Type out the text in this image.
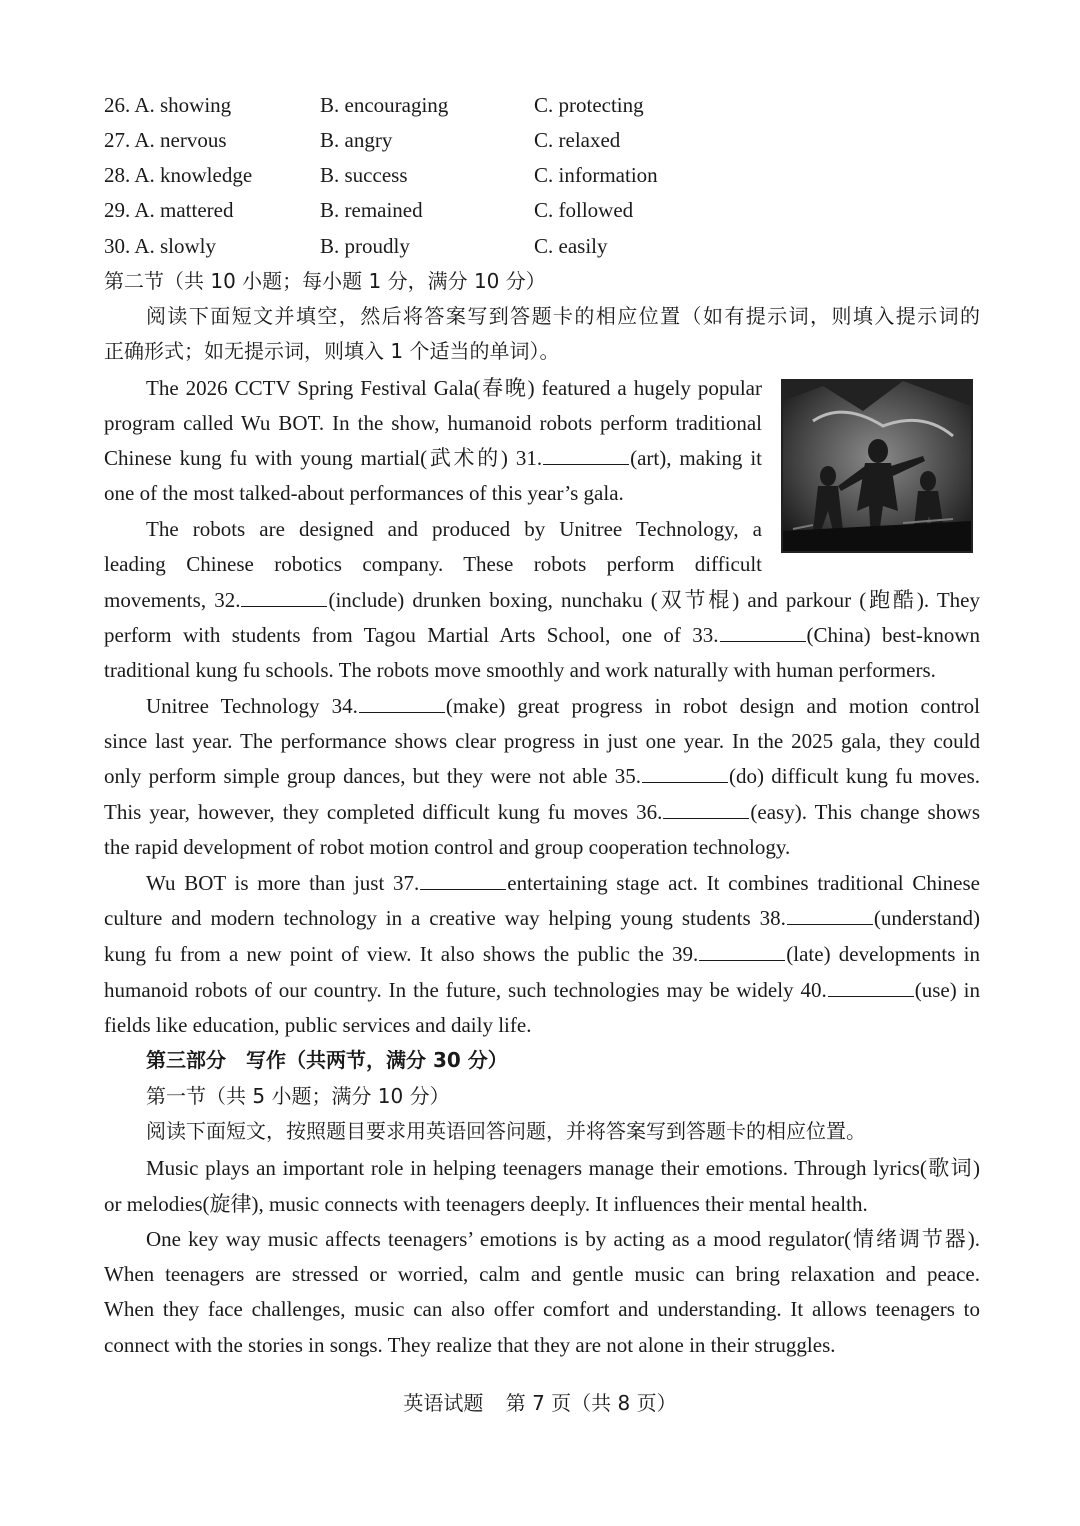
26. A. showing	B. encouraging	C. protecting
27. A. nervous	B. angry	C. relaxed
28. A. knowledge	B. success	C. information
29. A. mattered	B. remained	C. followed
30. A. slowly	B. proudly	C. easily
第二节（共 10 小题；每小题 1 分，满分 10 分）
阅读下面短文并填空，然后将答案写到答题卡的相应位置（如有提示词，则填入提示词的
正确形式；如无提示词，则填入 1 个适当的单词）。
The 2026 CCTV Spring Festival Gala(春晚) featured a hugely popular
program called Wu BOT. In the show, humanoid robots perform traditional
Chinese kung fu with young martial(武术的) 31.	(art), making it
one of the most talked-about performances of this year’s gala.
The robots are designed and produced by Unitree Technology, a
leading Chinese robotics company. These robots perform difficult
movements, 32.	(include) drunken boxing, nunchaku (双节棍) and parkour (跑酷). They
perform with students from Tagou Martial Arts School, one of 33.	(China) best-known
traditional kung fu schools. The robots move smoothly and work naturally with human performers.
Unitree Technology 34.	(make) great progress in robot design and motion control
since last year. The performance shows clear progress in just one year. In the 2025 gala, they could
only perform simple group dances, but they were not able 35.	(do) difficult kung fu moves.
This year, however, they completed difficult kung fu moves 36.	(easy). This change shows
the rapid development of robot motion control and group cooperation technology.
Wu BOT is more than just 37.	entertaining stage act. It combines traditional Chinese
culture and modern technology in a creative way helping young students 38.	(understand)
kung fu from a new point of view. It also shows the public the 39.	(late) developments in
humanoid robots of our country. In the future, such technologies may be widely 40.	(use) in
fields like education, public services and daily life.
第三部分　写作（共两节，满分 30 分）
第一节（共 5 小题；满分 10 分）
阅读下面短文，按照题目要求用英语回答问题，并将答案写到答题卡的相应位置。
Music plays an important role in helping teenagers manage their emotions. Through lyrics(歌词)
or melodies(旋律), music connects with teenagers deeply. It influences their mental health.
One key way music affects teenagers’ emotions is by acting as a mood regulator(情绪调节器).
When teenagers are stressed or worried, calm and gentle music can bring relaxation and peace.
When they face challenges, music can also offer comfort and understanding. It allows teenagers to
connect with the stories in songs. They realize that they are not alone in their struggles.
英语试题 第 7 页（共 8 页）
